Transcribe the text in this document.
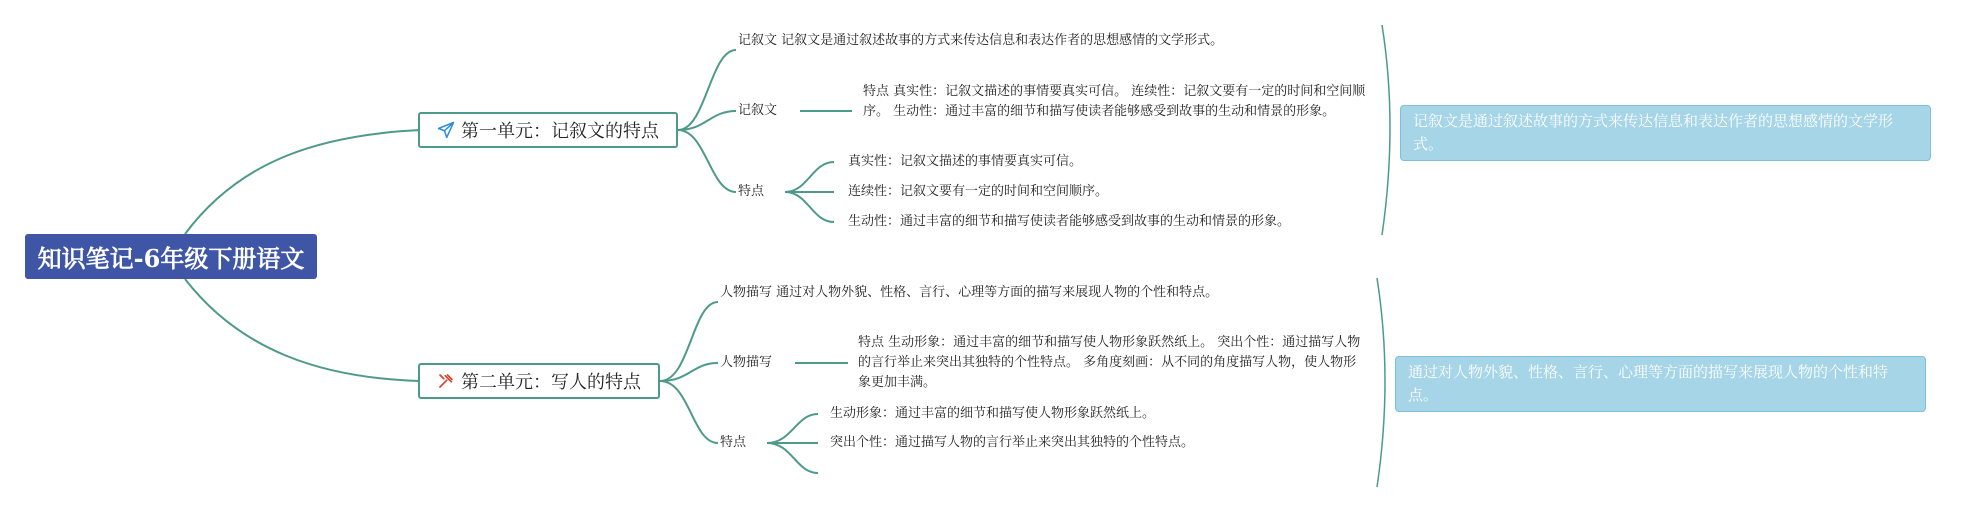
知识笔记-6年级下册语文
第一单元：记叙文的特点
记叙文 记叙文是通过叙述故事的方式来传达信息和表达作者的思想感情的文学形式。
记叙文
特点 真实性：记叙文描述的事情要真实可信。 连续性：记叙文要有一定的时间和空间顺序。 生动性：通过丰富的细节和描写使读者能够感受到故事的生动和情景的形象。
特点
真实性：记叙文描述的事情要真实可信。
连续性：记叙文要有一定的时间和空间顺序。
生动性：通过丰富的细节和描写使读者能够感受到故事的生动和情景的形象。
记叙文是通过叙述故事的方式来传达信息和表达作者的思想感情的文学形式。
第二单元：写人的特点
人物描写 通过对人物外貌、性格、言行、心理等方面的描写来展现人物的个性和特点。
人物描写
特点 生动形象：通过丰富的细节和描写使人物形象跃然纸上。 突出个性：通过描写人物的言行举止来突出其独特的个性特点。 多角度刻画：从不同的角度描写人物，使人物形象更加丰满。
特点
生动形象：通过丰富的细节和描写使人物形象跃然纸上。
突出个性：通过描写人物的言行举止来突出其独特的个性特点。
通过对人物外貌、性格、言行、心理等方面的描写来展现人物的个性和特点。
